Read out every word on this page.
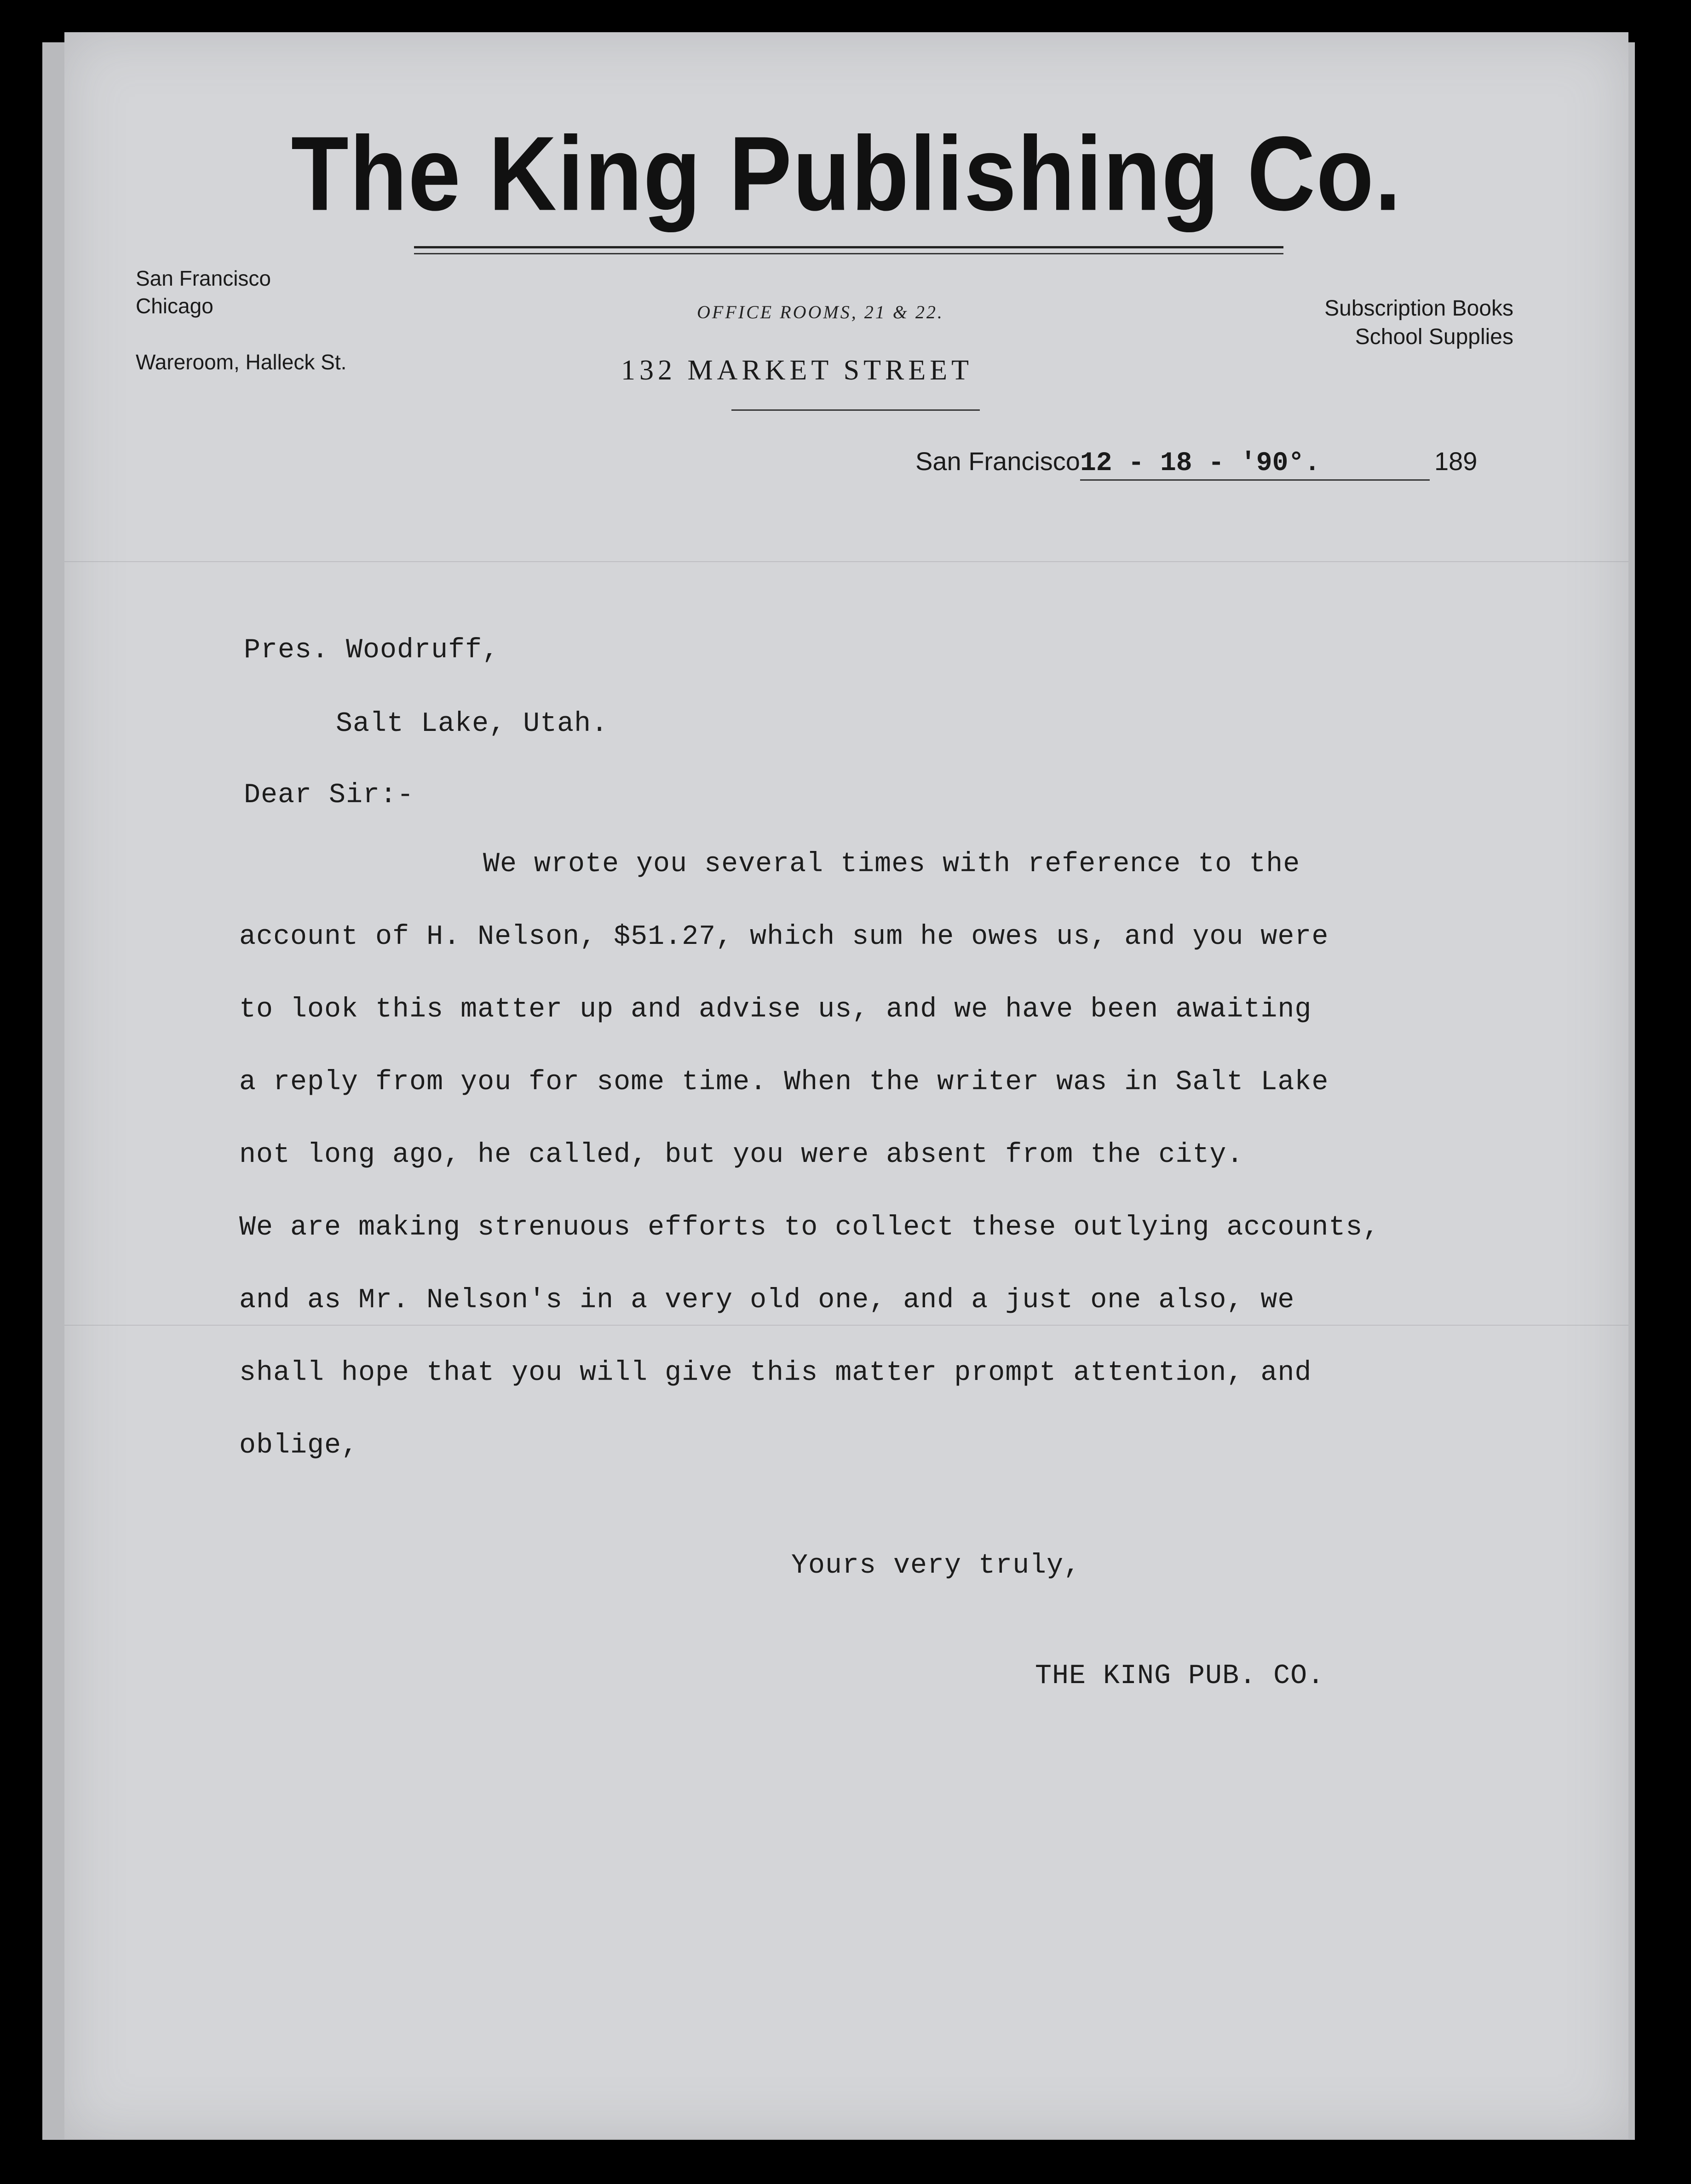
The King Publishing Co.
San Francisco
Chicago
Wareroom, Halleck St.
Subscription Books
School Supplies
OFFICE ROOMS, 21 & 22.
132 MARKET STREET
San Francisco12 - 18 - '90°.	189
Pres. Woodruff,
Salt Lake, Utah.
Dear Sir:-
We wrote you several times with reference to the
account of H. Nelson, $51.27, which sum he owes us, and you were
to look this matter up and advise us, and we have been awaiting
a reply from you for some time. When the writer was in Salt Lake
not long ago, he called, but you were absent from the city.
We are making strenuous efforts to collect these outlying accounts,
and as Mr. Nelson's in a very old one, and a just one also, we
shall hope that you will give this matter prompt attention, and
oblige,
Yours very truly,
THE KING PUB. CO.
